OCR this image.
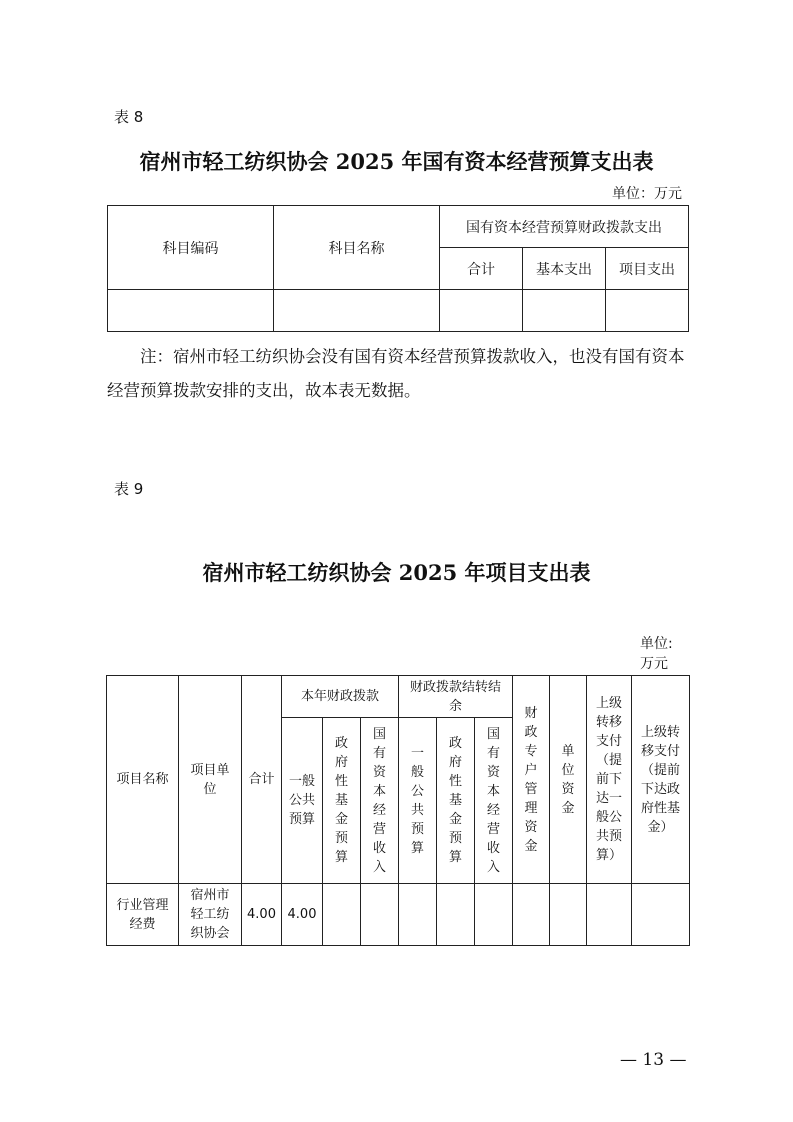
表 8
宿州市轻工纺织协会 2025 年国有资本经营预算支出表
单位：万元
科目编码	科目名称	国有资本经营预算财政拨款支出		
		合计	基本支出	项目支出

注：宿州市轻工纺织协会没有国有资本经营预算拨款收入，也没有国有资本经营预算拨款安排的支出，故本表无数据。
表 9
宿州市轻工纺织协会 2025 年项目支出表
单位:
万元
项目名称	项目单位	合计	本年财政拨款			财政拨款结转结余			财政专户管理资金	单位资金	上级转移支付（提前下达一般公共预算）	上级转移支付（提前下达政府性基金）
			一般公共预算	政府性基金预算	国有资本经营收入	一般公共预算	政府性基金预算	国有资本经营收入				
行业管理经费	宿州市轻工纺织协会	4.00	4.00									
— 13 —
